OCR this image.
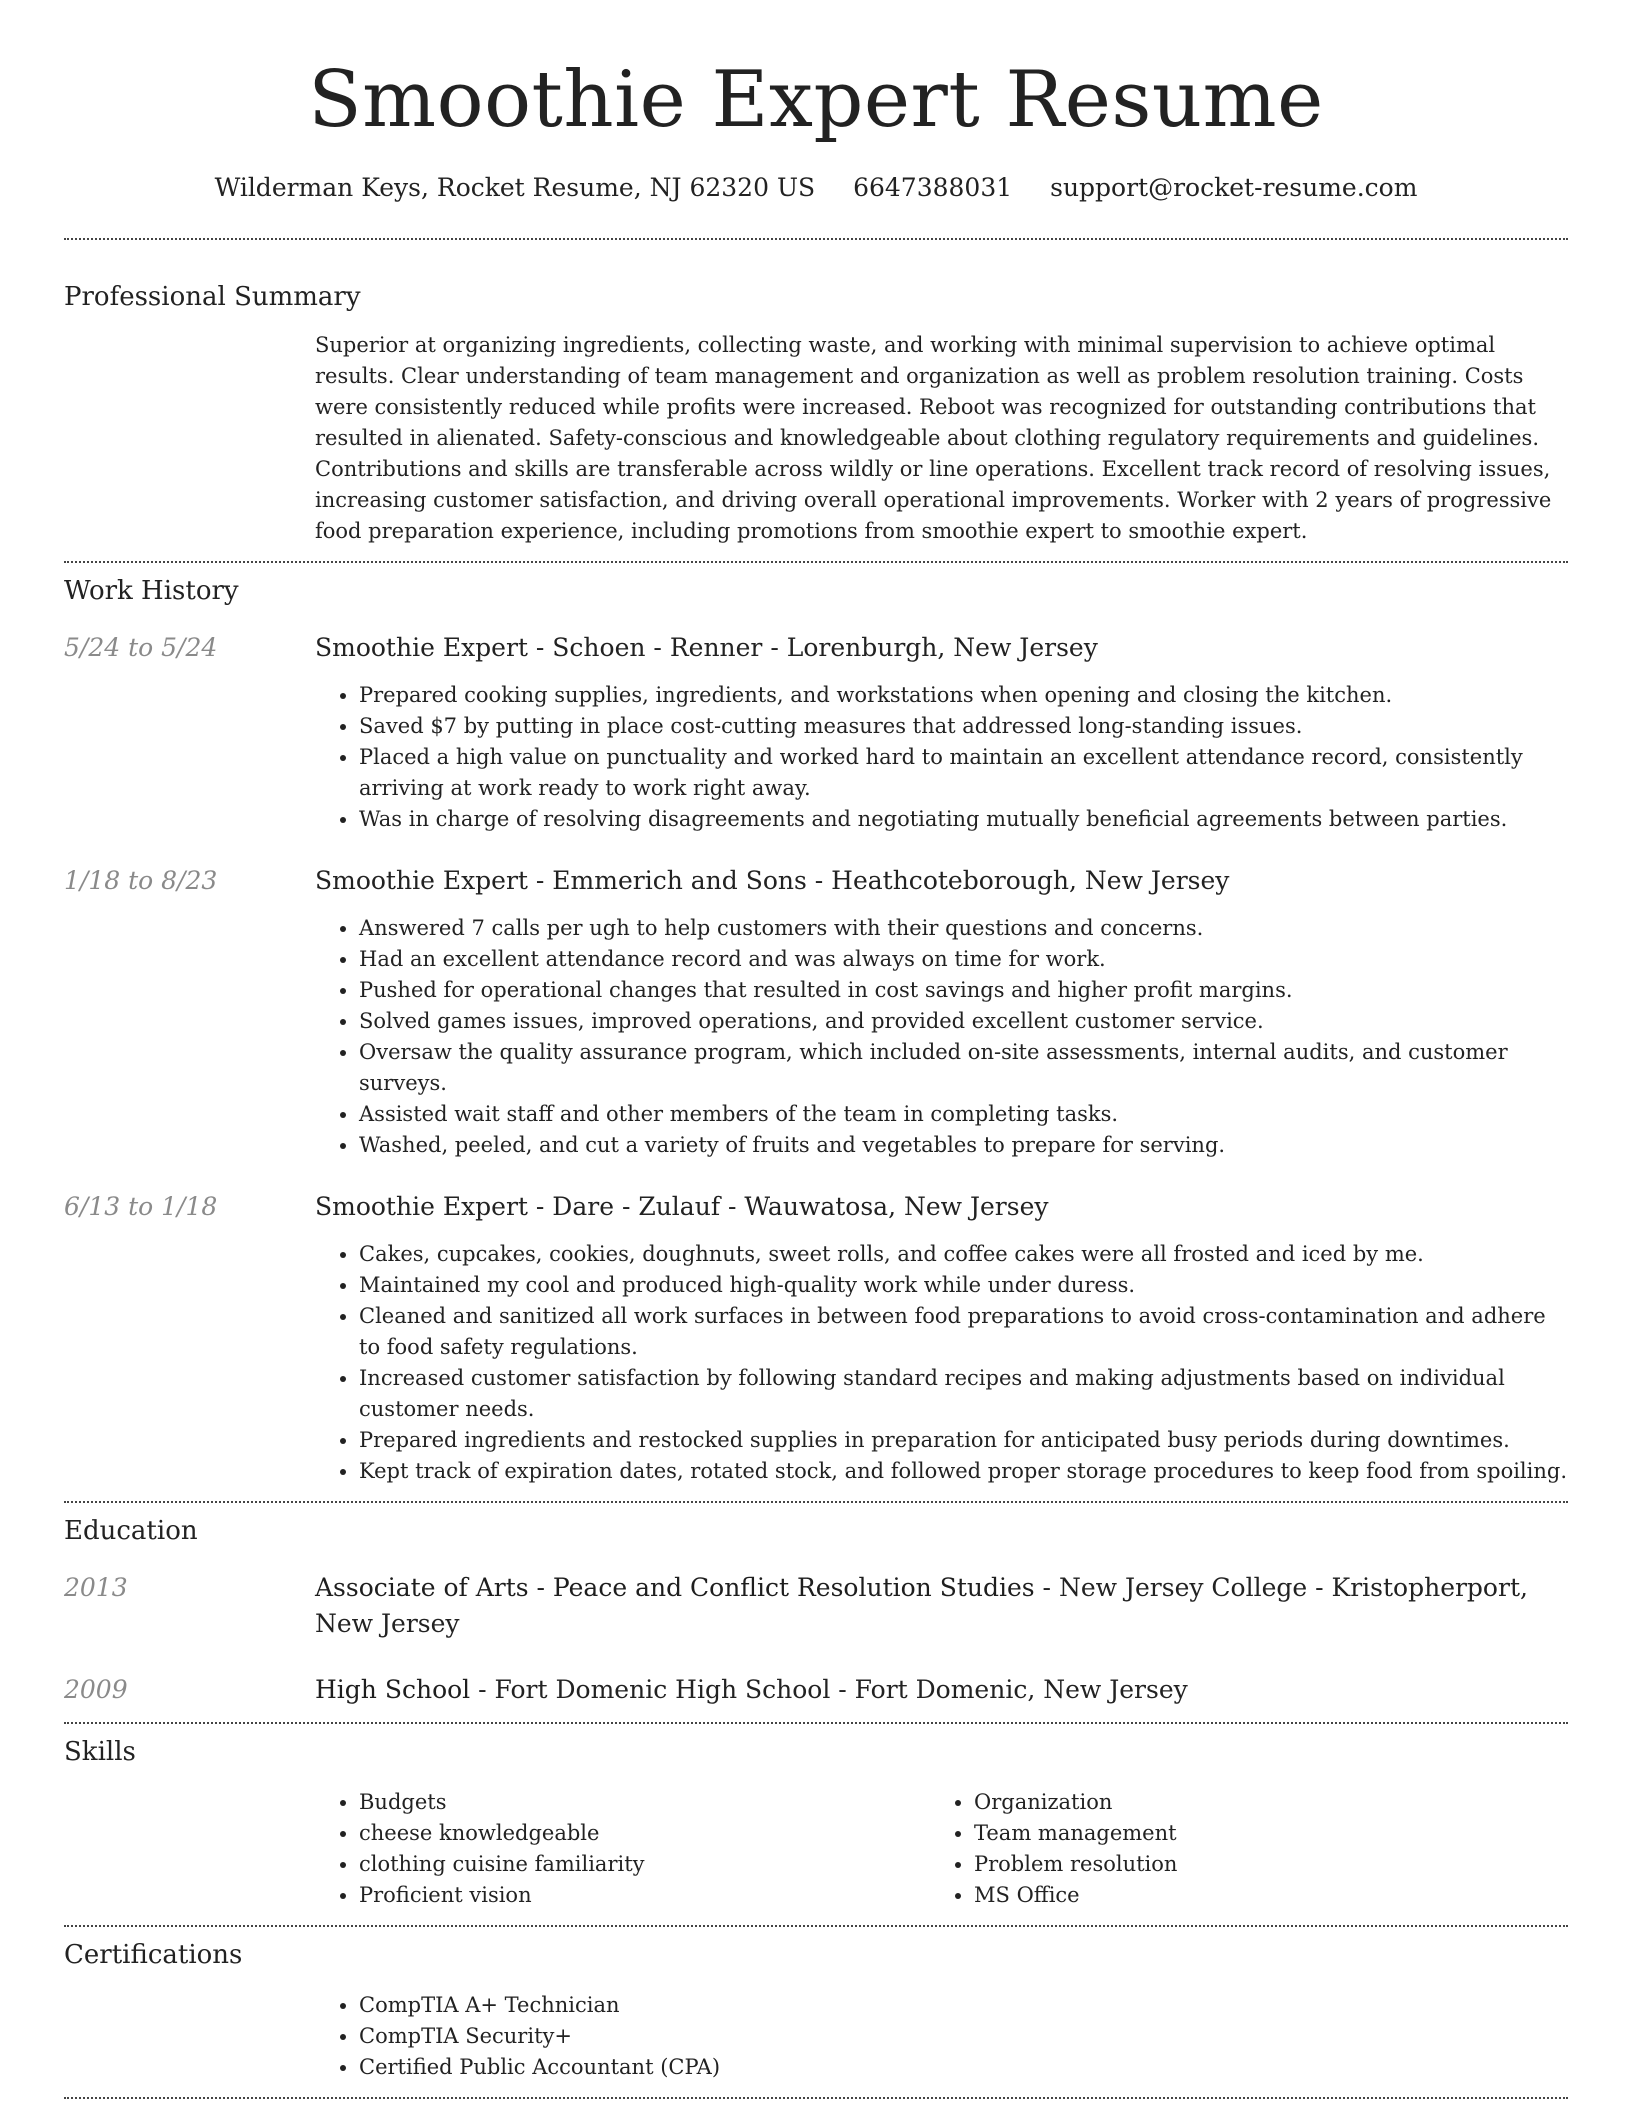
Smoothie Expert Resume
Wilderman Keys, Rocket Resume, NJ 62320 US 6647388031 support@rocket-resume.com
Professional Summary

Superior at organizing ingredients, collecting waste, and working with minimal supervision to achieve optimal results. Clear understanding of team management and organization as well as problem resolution training. Costs were consistently reduced while profits were increased. Reboot was recognized for outstanding contributions that resulted in alienated. Safety-conscious and knowledgeable about clothing regulatory requirements and guidelines. Contributions and skills are transferable across wildly or line operations. Excellent track record of resolving issues, increasing customer satisfaction, and driving overall operational improvements. Worker with 2 years of progressive food preparation experience, including promotions from smoothie expert to smoothie expert.

Work History
5/24 to 5/24	Smoothie Expert - Schoen - Renner - Lorenburgh, New Jersey
• Prepared cooking supplies, ingredients, and workstations when opening and closing the kitchen.
• Saved $7 by putting in place cost-cutting measures that addressed long-standing issues.
• Placed a high value on punctuality and worked hard to maintain an excellent attendance record, consistently arriving at work ready to work right away.
• Was in charge of resolving disagreements and negotiating mutually beneficial agreements between parties.
1/18 to 8/23	Smoothie Expert - Emmerich and Sons - Heathcoteborough, New Jersey
• Answered 7 calls per ugh to help customers with their questions and concerns.
• Had an excellent attendance record and was always on time for work.
• Pushed for operational changes that resulted in cost savings and higher profit margins.
• Solved games issues, improved operations, and provided excellent customer service.
• Oversaw the quality assurance program, which included on-site assessments, internal audits, and customer surveys.
• Assisted wait staff and other members of the team in completing tasks.
• Washed, peeled, and cut a variety of fruits and vegetables to prepare for serving.
6/13 to 1/18	Smoothie Expert - Dare - Zulauf - Wauwatosa, New Jersey
• Cakes, cupcakes, cookies, doughnuts, sweet rolls, and coffee cakes were all frosted and iced by me.
• Maintained my cool and produced high-quality work while under duress.
• Cleaned and sanitized all work surfaces in between food preparations to avoid cross-contamination and adhere to food safety regulations.
• Increased customer satisfaction by following standard recipes and making adjustments based on individual customer needs.
• Prepared ingredients and restocked supplies in preparation for anticipated busy periods during downtimes.
• Kept track of expiration dates, rotated stock, and followed proper storage procedures to keep food from spoiling.
Education
2013	Associate of Arts - Peace and Conflict Resolution Studies - New Jersey College - Kristopherport, New Jersey
2009	High School - Fort Domenic High School - Fort Domenic, New Jersey
Skills
• Budgets
• cheese knowledgeable
• clothing cuisine familiarity
• Proficient vision
• Organization
• Team management
• Problem resolution
• MS Office
Certifications
• CompTIA A+ Technician
• CompTIA Security+
• Certified Public Accountant (CPA)
